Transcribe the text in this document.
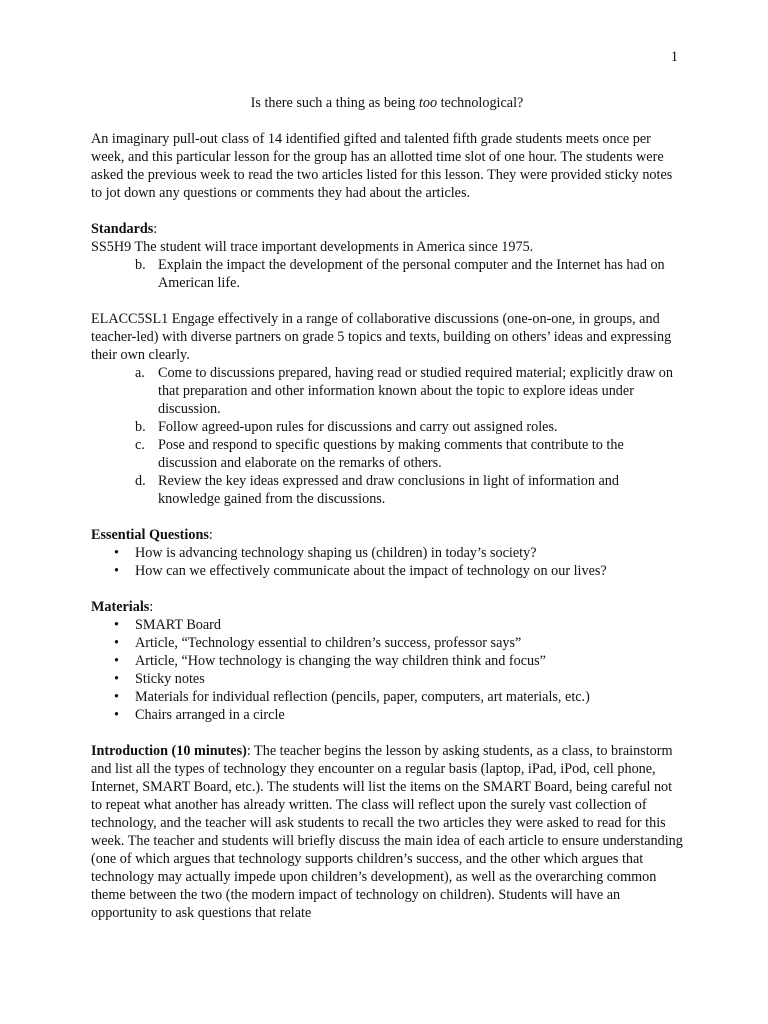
1

Is there such a thing as being too technological?

An imaginary pull-out class of 14 identified gifted and talented fifth grade students meets once per week, and this particular lesson for the group has an allotted time slot of one hour. The students were asked the previous week to read the two articles listed for this lesson. They were provided sticky notes to jot down any questions or comments they had about the articles.

Standards:

SS5H9 The student will trace important developments in America since 1975.

b. Explain the impact the development of the personal computer and the Internet has had on American life.

ELACC5SL1 Engage effectively in a range of collaborative discussions (one-on-one, in groups, and teacher-led) with diverse partners on grade 5 topics and texts, building on others’ ideas and expressing their own clearly.

a. Come to discussions prepared, having read or studied required material; explicitly draw on that preparation and other information known about the topic to explore ideas under discussion.
b. Follow agreed-upon rules for discussions and carry out assigned roles.
c. Pose and respond to specific questions by making comments that contribute to the discussion and elaborate on the remarks of others.
d. Review the key ideas expressed and draw conclusions in light of information and knowledge gained from the discussions.

Essential Questions:

• How is advancing technology shaping us (children) in today’s society?
• How can we effectively communicate about the impact of technology on our lives?

Materials:

• SMART Board
• Article, “Technology essential to children’s success, professor says”
• Article, “How technology is changing the way children think and focus”
• Sticky notes
• Materials for individual reflection (pencils, paper, computers, art materials, etc.)
• Chairs arranged in a circle

Introduction (10 minutes): The teacher begins the lesson by asking students, as a class, to brainstorm and list all the types of technology they encounter on a regular basis (laptop, iPad, iPod, cell phone, Internet, SMART Board, etc.). The students will list the items on the SMART Board, being careful not to repeat what another has already written. The class will reflect upon the surely vast collection of technology, and the teacher will ask students to recall the two articles they were asked to read for this week. The teacher and students will briefly discuss the main idea of each article to ensure understanding (one of which argues that technology supports children’s success, and the other which argues that technology may actually impede upon children’s development), as well as the overarching common theme between the two (the modern impact of technology on children). Students will have an opportunity to ask questions that relate
